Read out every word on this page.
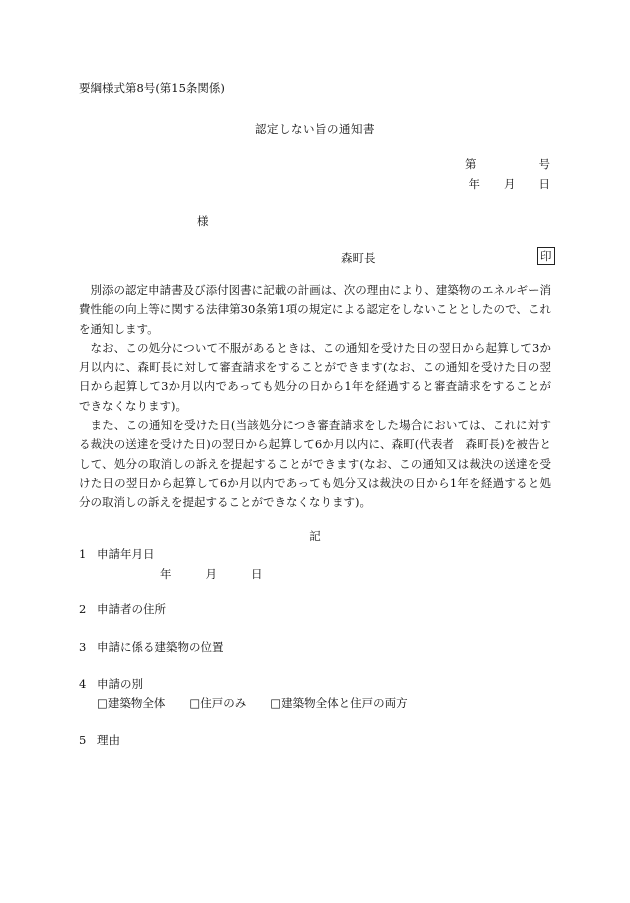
要綱様式第8号(第15条関係)
認定しない旨の通知書
第	号
年 月 日
様
森町長	印

別添の認定申請書及び添付図書に記載の計画は、次の理由により、建築物のエネルギー消費性能の向上等に関する法律第30条第1項の規定による認定をしないこととしたので、これを通知します。

なお、この処分について不服があるときは、この通知を受けた日の翌日から起算して3か月以内に、森町長に対して審査請求をすることができます(なお、この通知を受けた日の翌日から起算して3か月以内であっても処分の日から1年を経過すると審査請求をすることができなくなります)。

また、この通知を受けた日(当該処分につき審査請求をした場合においては、これに対する裁決の送達を受けた日)の翌日から起算して6か月以内に、森町(代表者　森町長)を被告として、処分の取消しの訴えを提起することができます(なお、この通知又は裁決の送達を受けた日の翌日から起算して6か月以内であっても処分又は裁決の日から1年を経過すると処分の取消しの訴えを提起することができなくなります)。

記
1 申請年月日
年	月	日
2 申請者の住所
3 申請に係る建築物の位置
4 申請の別
□建築物全体 □住戸のみ □建築物全体と住戸の両方
5 理由
